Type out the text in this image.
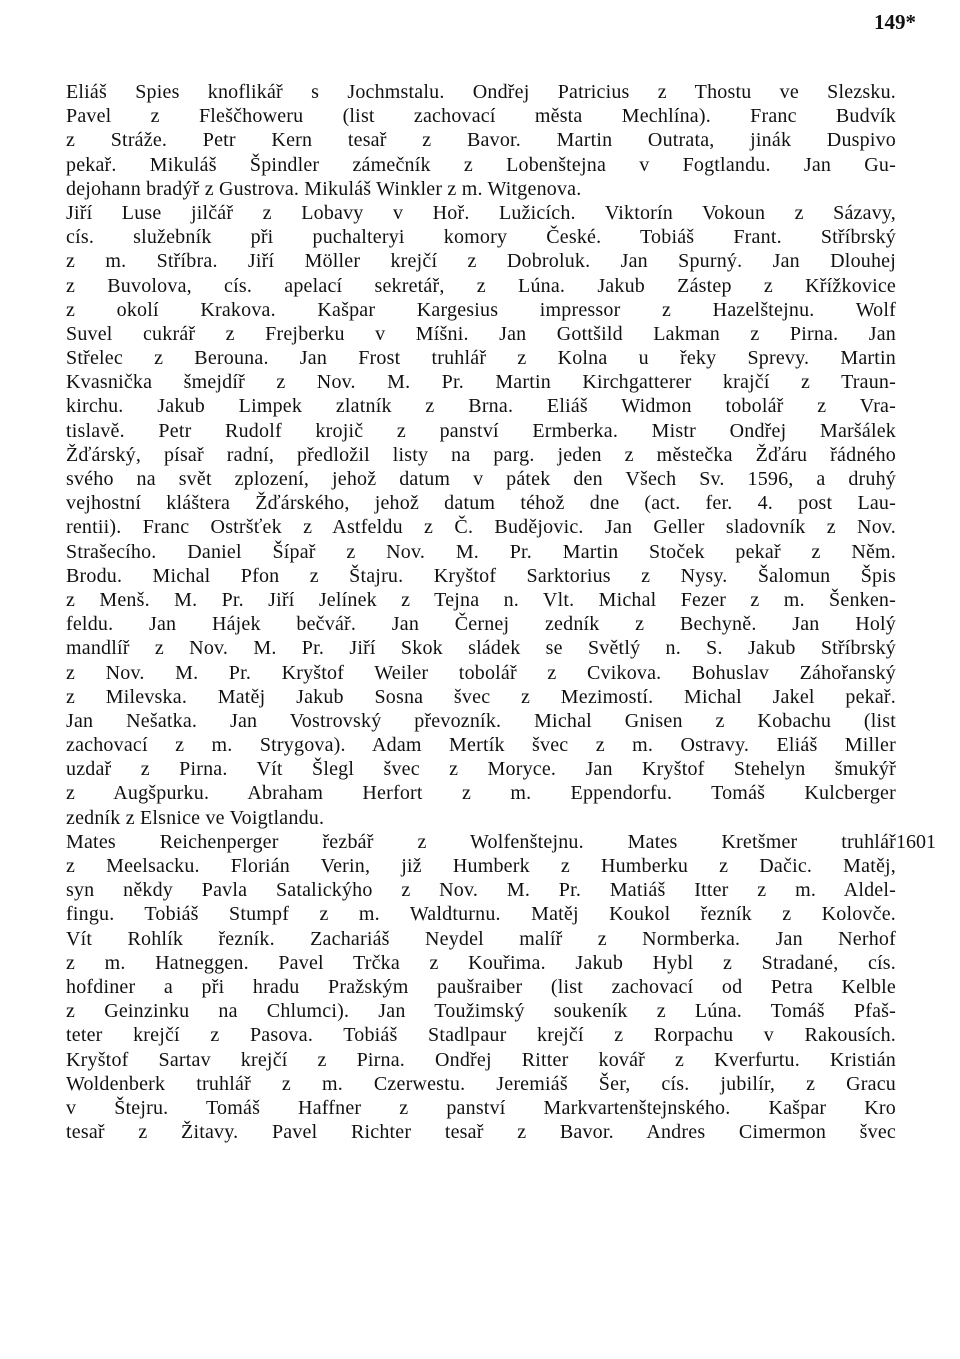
149*
Eliáš Spies knoflikář s Jochmstalu. Ondřej Patricius z Thostu ve Slezsku.
Pavel z Fleščhoweru (list zachovací města Mechlína). Franc Budvík
z Stráže. Petr Kern tesař z Bavor. Martin Outrata, jinák Duspivo
pekař. Mikuláš Špindler zámečník z Lobenštejna v Fogtlandu. Jan Gu-
dejohann bradýř z Gustrova. Mikuláš Winkler z m. Witgenova.
Jiří Luse jilčář z Lobavy v Hoř. Lužicích. Viktorín Vokoun z Sázavy,
cís. služebník při puchalteryi komory České. Tobiáš Frant. Stříbrský
z m. Stříbra. Jiří Möller krejčí z Dobroluk. Jan Spurný. Jan Dlouhej
z Buvolova, cís. apelací sekretář, z Lúna. Jakub Zástep z Křížkovice
z okolí Krakova. Kašpar Kargesius impressor z Hazelštejnu. Wolf
Suvel cukrář z Frejberku v Míšni. Jan Gottšild Lakman z Pirna. Jan
Střelec z Berouna. Jan Frost truhlář z Kolna u řeky Sprevy. Martin
Kvasnička šmejdíř z Nov. M. Pr. Martin Kirchgatterer krajčí z Traun-
kirchu. Jakub Limpek zlatník z Brna. Eliáš Widmon tobolář z Vra-
tislavě. Petr Rudolf krojič z panství Ermberka. Mistr Ondřej Maršálek
Žďárský, písař radní, předložil listy na parg. jeden z městečka Žďáru řádného
svého na svět zplození, jehož datum v pátek den Všech Sv. 1596, a druhý
vejhostní kláštera Žďárského, jehož datum téhož dne (act. fer. 4. post Lau-
rentii). Franc Ostršťek z Astfeldu z Č. Budějovic. Jan Geller sladovník z Nov.
Strašecího. Daniel Šípař z Nov. M. Pr. Martin Stoček pekař z Něm.
Brodu. Michal Pfon z Štajru. Kryštof Sarktorius z Nysy. Šalomun Špis
z Menš. M. Pr. Jiří Jelínek z Tejna n. Vlt. Michal Fezer z m. Šenken-
feldu. Jan Hájek bečvář. Jan Černej zedník z Bechyně. Jan Holý
mandlíř z Nov. M. Pr. Jiří Skok sládek se Světlý n. S. Jakub Stříbrský
z Nov. M. Pr. Kryštof Weiler tobolář z Cvikova. Bohuslav Záhořanský
z Milevska. Matěj Jakub Sosna švec z Mezimostí. Michal Jakel pekař.
Jan Nešatka. Jan Vostrovský převozník. Michal Gnisen z Kobachu (list
zachovací z m. Strygova). Adam Mertík švec z m. Ostravy. Eliáš Miller
uzdař z Pirna. Vít Šlegl švec z Moryce. Jan Kryštof Stehelyn šmukýř
z Augšpurku. Abraham Herfort z m. Eppendorfu. Tomáš Kulcberger
zedník z Elsnice ve Voigtlandu.
Mates Reichenperger řezbář z Wolfenštejnu. Mates Kretšmer truhlář 1601
z Meelsacku. Florián Verin, již Humberk z Humberku z Dačic. Matěj,
syn někdy Pavla Satalickýho z Nov. M. Pr. Matiáš Itter z m. Aldel-
fingu. Tobiáš Stumpf z m. Waldturnu. Matěj Koukol řezník z Kolovče.
Vít Rohlík řezník. Zachariáš Neydel malíř z Normberka. Jan Nerhof
z m. Hatneggen. Pavel Trčka z Kouřima. Jakub Hybl z Stradané, cís.
hofdiner a při hradu Pražským paušraiber (list zachovací od Petra Kelble
z Geinzinku na Chlumci). Jan Toužimský soukeník z Lúna. Tomáš Pfaš-
teter krejčí z Pasova. Tobiáš Stadlpaur krejčí z Rorpachu v Rakousích.
Kryštof Sartav krejčí z Pirna. Ondřej Ritter kovář z Kverfurtu. Kristián
Woldenberk truhlář z m. Czerwestu. Jeremiáš Šer, cís. jubilír, z Gracu
v Štejru. Tomáš Haffner z panství Markvartenštejnského. Kašpar Kro
tesař z Žitavy. Pavel Richter tesař z Bavor. Andres Cimermon švec
